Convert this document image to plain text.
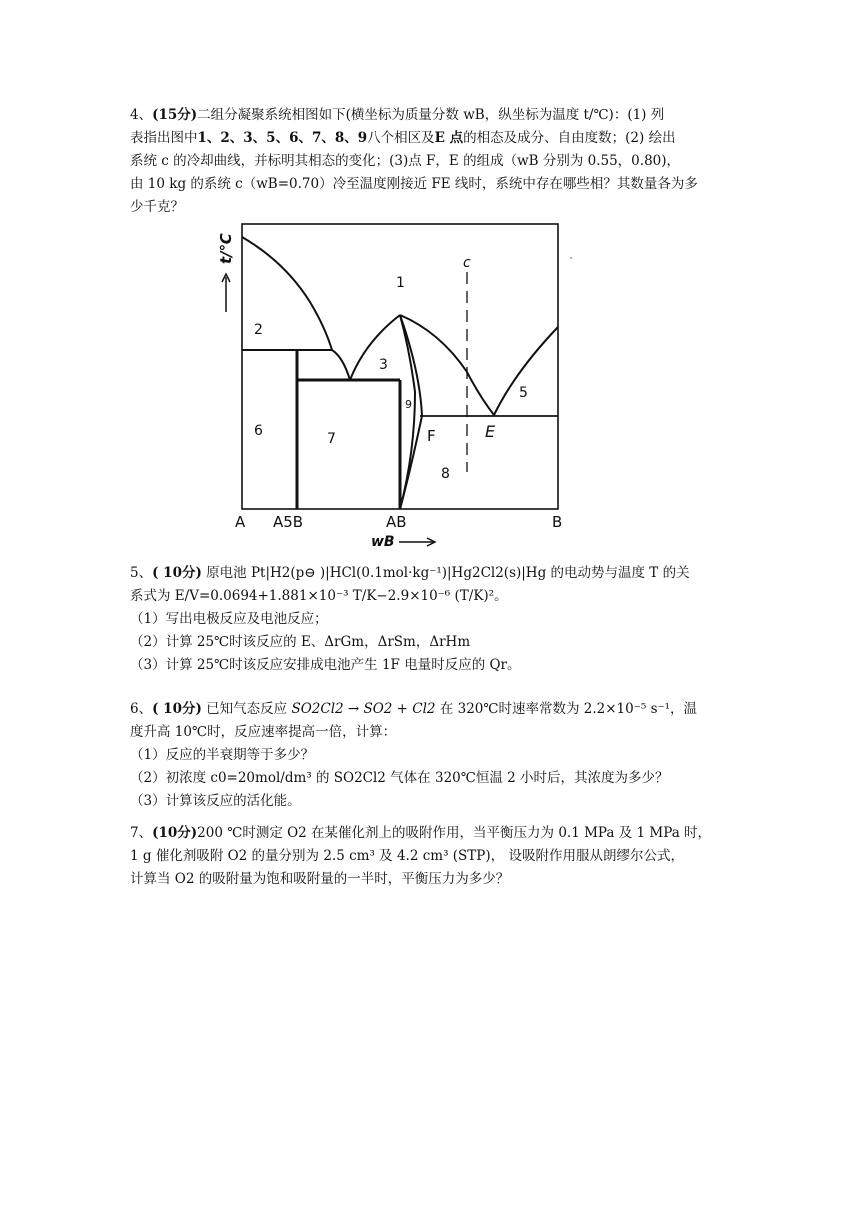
4、(15分)二组分凝聚系统相图如下(横坐标为质量分数 wB，纵坐标为温度 t/℃)：(1) 列
表指出图中1、2、3、5、6、7、8、9八个相区及E 点的相态及成分、自由度数；(2) 绘出
系统 c 的冷却曲线，并标明其相态的变化；(3)点 F，E 的组成（wB 分别为 0.55，0.80)，
由 10 kg 的系统 c（wB=0.70）冷至温度刚接近 FE 线时，系统中存在哪些相？其数量各为多
少千克？
t/℃
1
2
3
5
6	7
8
9
F	E
c
A A5B	AB	B
wB
5、( 10分) 原电池 Pt|H2(p⊖ )|HCl(0.1mol·kg⁻¹)|Hg2Cl2(s)|Hg 的电动势与温度 T 的关
系式为 E/V=0.0694+1.881×10⁻³ T/K−2.9×10⁻⁶ (T/K)²。
（1）写出电极反应及电池反应；
（2）计算 25℃时该反应的 E、ΔrGm，ΔrSm，ΔrHm
（3）计算 25℃时该反应安排成电池产生 1F 电量时反应的 Qr。
6、( 10分) 已知气态反应 SO2Cl2 → SO2 + Cl2 在 320℃时速率常数为 2.2×10⁻⁵ s⁻¹，温
度升高 10℃时，反应速率提高一倍，计算：
（1）反应的半衰期等于多少？
（2）初浓度 c0=20mol/dm³ 的 SO2Cl2 气体在 320℃恒温 2 小时后，其浓度为多少？
（3）计算该反应的活化能。
7、(10分)200 ℃时测定 O2 在某催化剂上的吸附作用，当平衡压力为 0.1 MPa 及 1 MPa 时，
1 g 催化剂吸附 O2 的量分别为 2.5 cm³ 及 4.2 cm³ (STP)， 设吸附作用服从朗缪尔公式，
计算当 O2 的吸附量为饱和吸附量的一半时，平衡压力为多少？
